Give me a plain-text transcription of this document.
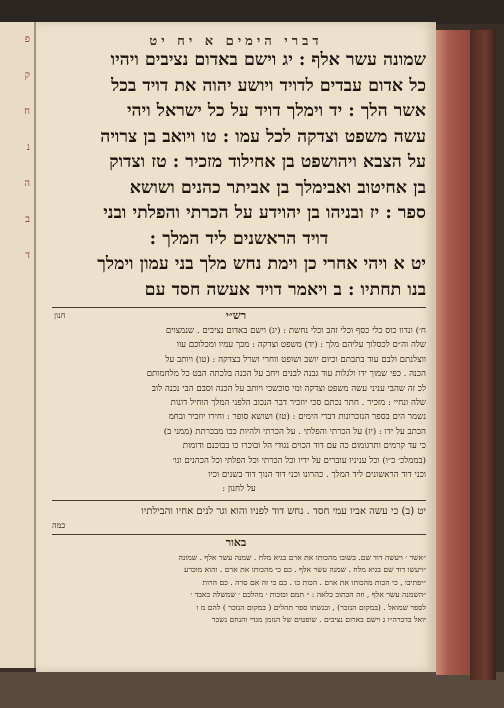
פ
ק
ח
נ
ה
ב
ד
דברי הימים א יח יט
שמונה עשר אלף : יג וישם באדום נציבים ויהיו
כל אדום עבדים לדויד ויושע יהוה את דויד בכל
אשר הלך : יד וימלך דויד על כל ישראל ויהי
עשה משפט וצדקה לכל עמו : טו ויואב בן צרויה
על הצבא ויהושפט בן אחילוד מזכיר : טז וצדוק
בן אחיטוב ואבימלך בן אביתר כהנים ושושא
ספר : יז ובניהו בן יהוידע על הכרתי והפלתי ובני
דויד הראשנים ליד המלך :
יט א ויהי אחרי כן וימת נחש מלך בני עמון וימלך
בנו תחתיו : ב ויאמר דויד אעשה חסד עם
רש״י
חנון
ח׳) ונדוו כוס כלי כסף וכלי זהב וכלי נחשת : (יג) וישם באדום נציבים . שנמצוים
שלה וה״ם לכסלוך עליהם מלך : (יד) משפט וצדקה : מכך עמיו ומכלוכם עוו
ווצלנתם ולבם עוד בתבתם וכיום יושב ושופט ווחרי ושרל בצדקה : (טו) ויותב על
הכנה . כפי שמוך ידו ולגלות עוד גבנה לבנים ויחב על הכנה בלכתה הבט כל מלחמותם
לכ זה שהבי עניני עשה משפט וצדקה ומי סוכשכי ויותב על הכנה וסבם הבי נכנה לוב
שלה ונחיי : מזכיר . חתר נכתם סכי יוזכיר דבר הנכוב הלפני המלך הוחיל דונות
נשמר הים בספר הנזכרונות דברי הימים : (טז) ושושא סופר : וחירו יוזכיר ובחמ
הכתב על ידו : (יז) על הכרתי והפלתי . על הכרתי ולהיות ככו מבכרתת (ממני ב)
כי עד קרמים ותרגומום כה עם דוד הכוים נגודי הל ובוכרו כו בבוכנם ודומות
(בממלכ׳ כ״ו) וכל עניניו עוברים על ידיו וכל הכרתי וכל הפלתי וכל הכהנים ונו׳
וכני דוד הראשונים ליד המלך . כהרונו וכני דוד הנוך דוד בשנים וכיו
על לחנון :
יט (ב) כי עשה אביו עמי חסד . נחש דוד לפניו והוא וגר לנים אחיו והבילתיו
כמה
באור
״אשר ׳ ויעשה דוד שם. בשובו מהכותו את ארם בגיא מלח . שמנה עשר אלף . שמונה
״ויעשו דוד שם בגיא מלח . שמנה עשר אלף . כם כי מהכותו את ארם . והוא מוכרע
״יפתיבו , כי הכות מהכותו את ארם . הכות כו . כם כי זה אם סרה . כם הרות
״השמנה עשר אלף , וזה הכתוב כלאה : ״ תמם ובזכות ׳ מהלכם ׳ שמשלה כאבד ׳
לספר שמואל . (במקום הנזכר) , ובגשתו ספר תהלים ( במקום הנזכר ) להם מ ו
יואל בדברה״ו ג וישם בארום נציבים . שופטים של הנזמן מגדי והנחם נשכר
